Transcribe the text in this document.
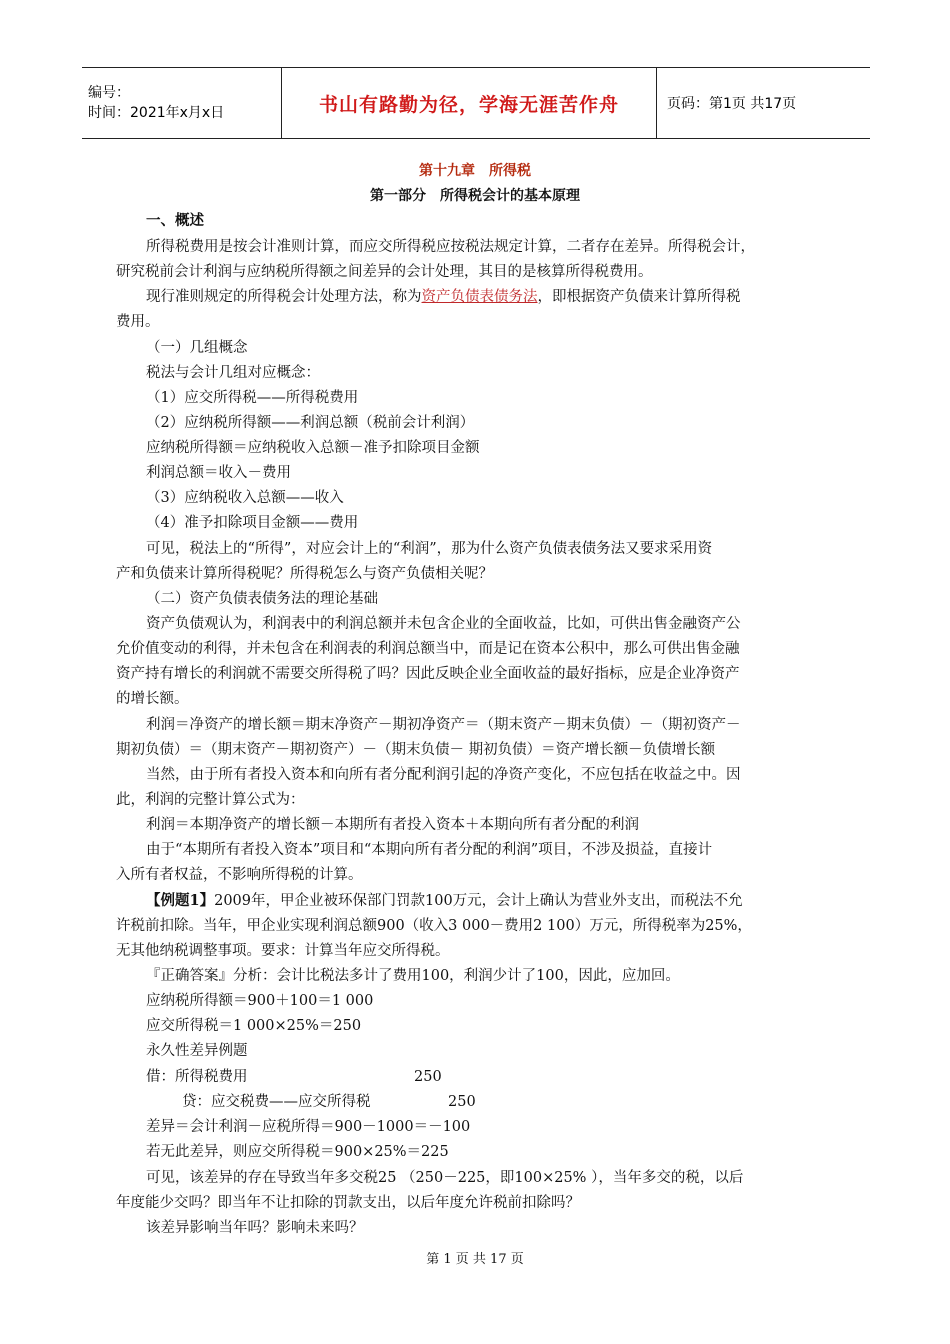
编号：
时间：2021年x月x日	书山有路勤为径，学海无涯苦作舟	页码：第1页 共17页
第十九章　所得税
第一部分　所得税会计的基本原理
一、概述
所得税费用是按会计准则计算，而应交所得税应按税法规定计算，二者存在差异。所得税会计，
研究税前会计利润与应纳税所得额之间差异的会计处理，其目的是核算所得税费用。
现行准则规定的所得税会计处理方法，称为资产负债表债务法，即根据资产负债来计算所得税
费用。
（一）几组概念
税法与会计几组对应概念：
（1）应交所得税——所得税费用
（2）应纳税所得额——利润总额（税前会计利润）
应纳税所得额＝应纳税收入总额－准予扣除项目金额
利润总额＝收入－费用
（3）应纳税收入总额——收入
（4）准予扣除项目金额——费用
可见，税法上的“所得”，对应会计上的“利润”，那为什么资产负债表债务法又要求采用资
产和负债来计算所得税呢？所得税怎么与资产负债相关呢？
（二）资产负债表债务法的理论基础
资产负债观认为，利润表中的利润总额并未包含企业的全面收益，比如，可供出售金融资产公
允价值变动的利得，并未包含在利润表的利润总额当中，而是记在资本公积中，那么可供出售金融
资产持有增长的利润就不需要交所得税了吗？因此反映企业全面收益的最好指标，应是企业净资产
的增长额。
利润＝净资产的增长额＝期末净资产－期初净资产＝（期末资产－期末负债）－（期初资产－
期初负债）＝（期末资产－期初资产）－（期末负债－ 期初负债）＝资产增长额－负债增长额
当然，由于所有者投入资本和向所有者分配利润引起的净资产变化，不应包括在收益之中。因
此，利润的完整计算公式为：
利润＝本期净资产的增长额－本期所有者投入资本＋本期向所有者分配的利润
由于“本期所有者投入资本”项目和“本期向所有者分配的利润”项目，不涉及损益，直接计
入所有者权益，不影响所得税的计算。
【例题1】2009年，甲企业被环保部门罚款100万元，会计上确认为营业外支出，而税法不允
许税前扣除。当年，甲企业实现利润总额900（收入3 000－费用2 100）万元，所得税率为25%，
无其他纳税调整事项。要求：计算当年应交所得税。
『正确答案』分析：会计比税法多计了费用100，利润少计了100，因此，应加回。
应纳税所得额＝900＋100＝1 000
应交所得税＝1 000×25%＝250
永久性差异例题
借：所得税费用	250
贷：应交税费——应交所得税	250
差异＝会计利润－应税所得＝900－1000＝－100
若无此差异，则应交所得税＝900×25%＝225
可见，该差异的存在导致当年多交税25 （250－225，即100×25% ），当年多交的税，以后
年度能少交吗？即当年不让扣除的罚款支出，以后年度允许税前扣除吗？
该差异影响当年吗？影响未来吗？
第 1 页 共 17 页
